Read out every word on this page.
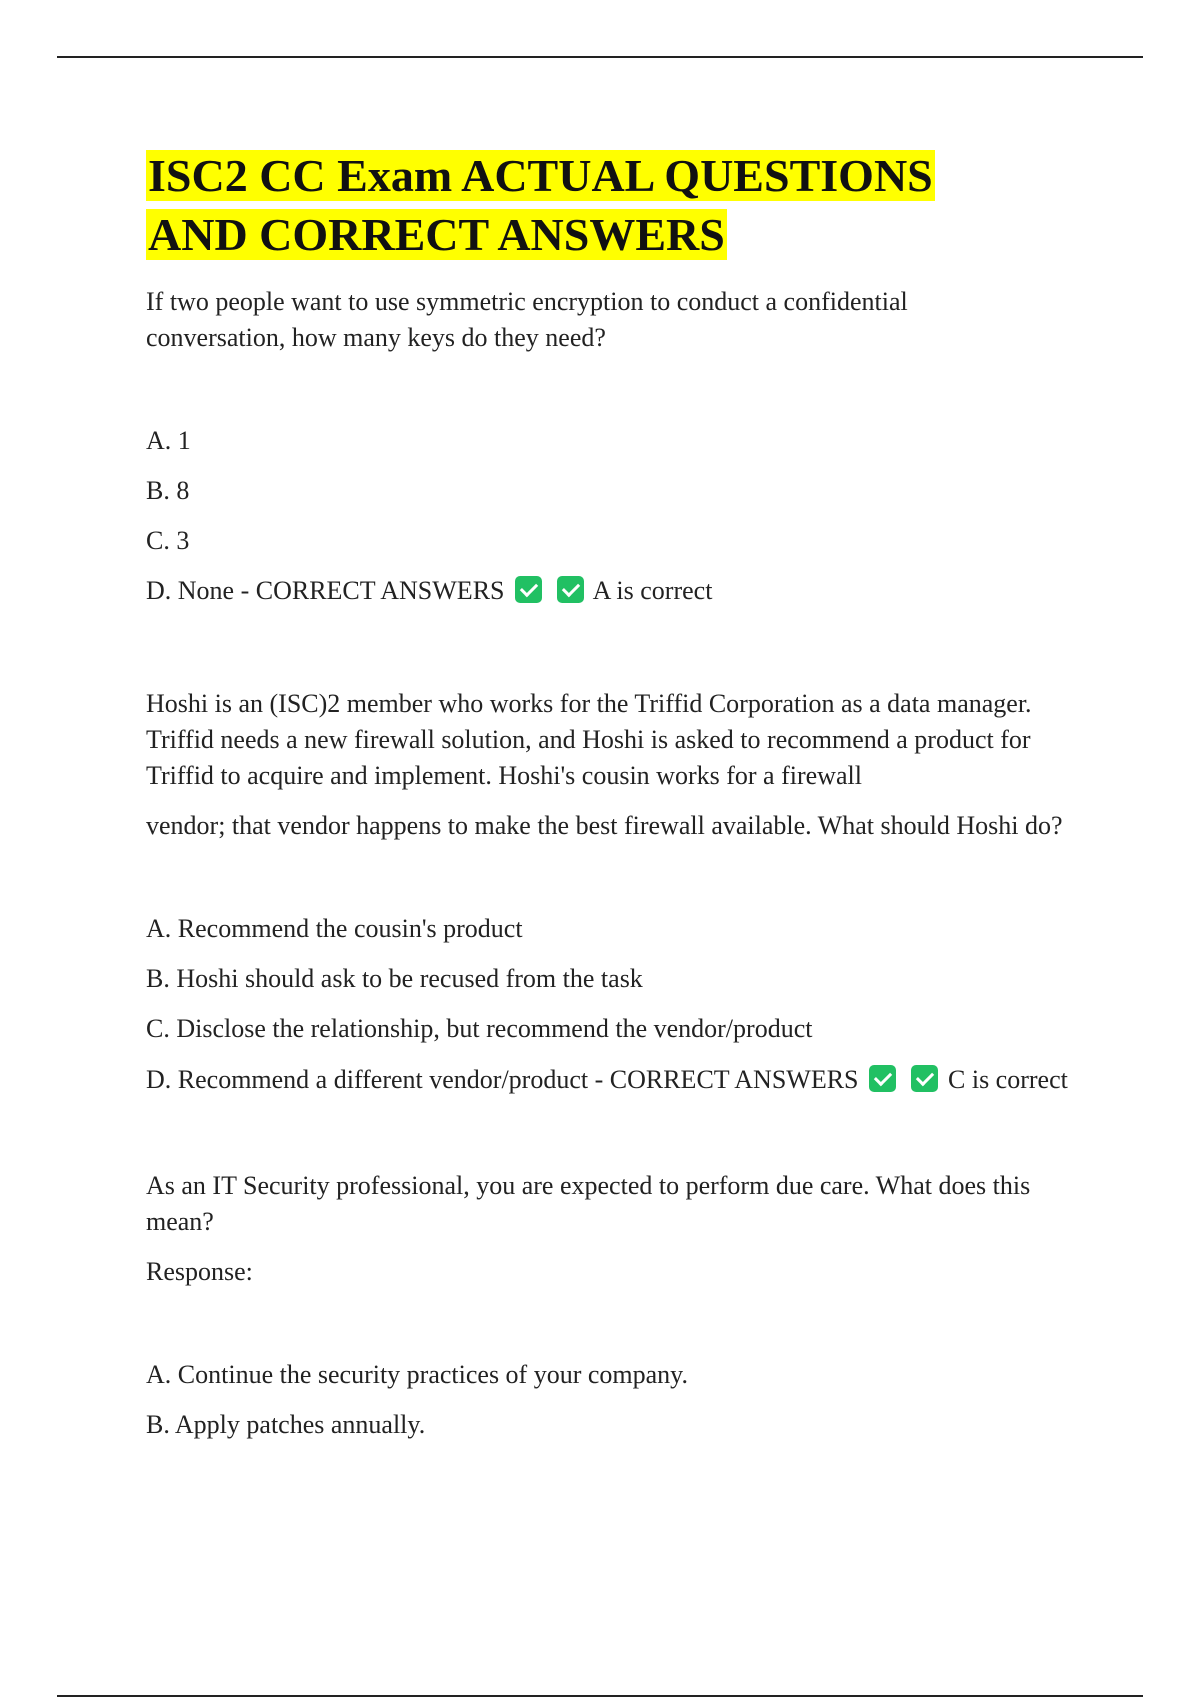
ISC2 CC Exam ACTUAL QUESTIONS
AND CORRECT ANSWERS

If two people want to use symmetric encryption to conduct a confidential conversation, how many keys do they need?

A. 1
B. 8
C. 3
D. None - CORRECT ANSWERS	A is correct

Hoshi is an (ISC)2 member who works for the Triffid Corporation as a data manager. Triffid needs a new firewall solution, and Hoshi is asked to recommend a product for Triffid to acquire and implement. Hoshi's cousin works for a firewall

vendor; that vendor happens to make the best firewall available. What should Hoshi do?

A. Recommend the cousin's product
B. Hoshi should ask to be recused from the task
C. Disclose the relationship, but recommend the vendor/product

D. Recommend a different vendor/product - CORRECT ANSWERS	C is correct

As an IT Security professional, you are expected to perform due care. What does this mean?

Response:

A. Continue the security practices of your company.
B. Apply patches annually.
